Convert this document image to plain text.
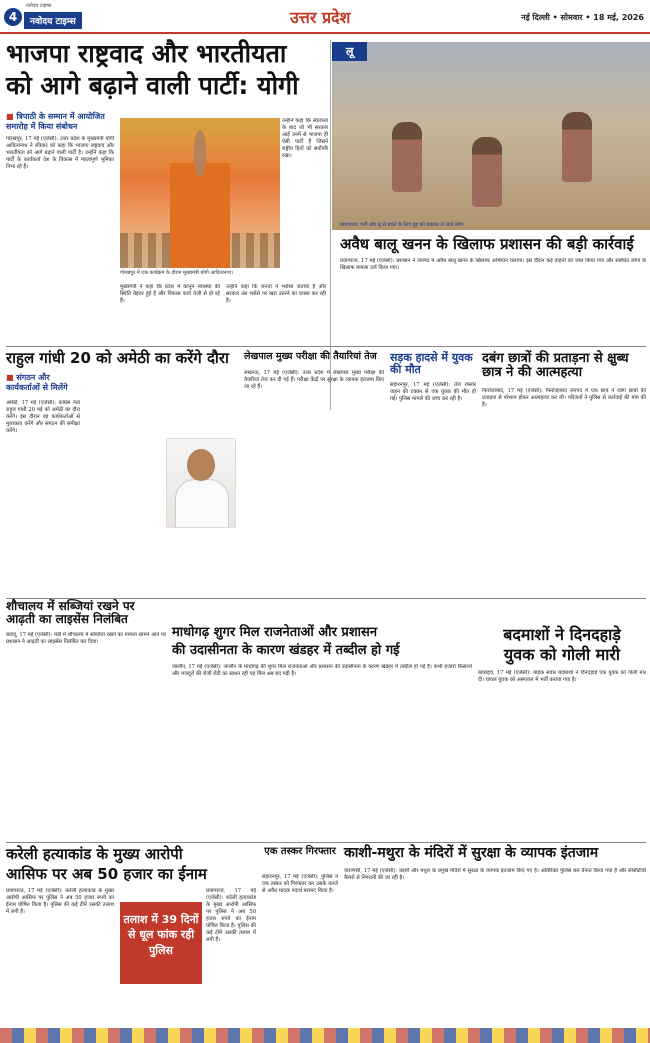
4
नवोदय टाइम्स
नवोदय टाइम्स	उत्तर प्रदेश	नई दिल्ली • सोमवार • 18 मई, 2026
भाजपा राष्ट्रवाद और भारतीयता
को आगे बढ़ाने वाली पार्टी: योगी
■ त्रिपाठी के सम्मान में आयोजित समारोह में किया संबोधन
गोरखपुर, 17 मई (एजेंसी): उत्तर प्रदेश के मुख्यमंत्री योगी आदित्यनाथ ने रविवार को कहा कि भाजपा राष्ट्रवाद और भारतीयता को आगे बढ़ाने वाली पार्टी है। उन्होंने कहा कि पार्टी के कार्यकर्ता देश के विकास में महत्वपूर्ण भूमिका निभा रहे हैं।
गोरखपुर में एक कार्यक्रम के दौरान मुख्यमंत्री योगी आदित्यनाथ।
उन्होंने कहा कि स्वतंत्रता के बाद जो भी सरकार आई उनमें से भाजपा ही ऐसी पार्टी है जिसने राष्ट्रीय हितों को सर्वोपरि रखा।
मुख्यमंत्री ने कहा कि प्रदेश में कानून व्यवस्था की स्थिति बेहतर हुई है और विकास कार्य तेजी से हो रहे हैं।
उन्होंने कहा कि जनता ने भरोसा जताया है और सरकार उस भरोसे पर खरा उतरने का प्रयास कर रही है।
लू
प्रयागराज: गर्मी और लू से बचने के लिए मुंह को ढककर ले जाते लोग।
अवैध बालू खनन के खिलाफ प्रशासन की बड़ी कार्रवाई
प्रयागराज, 17 मई (एजेंसी): प्रशासन ने जनपद में अवैध बालू खनन के खिलाफ अभियान चलाया। इस दौरान कई वाहनों को जब्त किया गया और संबंधित लोगों के खिलाफ मामला दर्ज किया गया।
राहुल गांधी 20 को अमेठी का करेंगे दौरा
■ संगठन और कार्यकर्ताओं से मिलेंगे
अमेठी, 17 मई (एजेंसी): कांग्रेस नेता राहुल गांधी 20 मई को अमेठी का दौरा करेंगे। इस दौरान वह कार्यकर्ताओं से मुलाकात करेंगे और संगठन की समीक्षा करेंगे।
लेखपाल मुख्य परीक्षा की तैयारियां तेज
लखनऊ, 17 मई (एजेंसी): उत्तर प्रदेश में लेखपाल मुख्य परीक्षा की तैयारियां तेज कर दी गई हैं। परीक्षा केंद्रों पर सुरक्षा के व्यापक इंतजाम किए जा रहे हैं।
सड़क हादसे में युवक की मौत
सहारनपुर, 17 मई (एजेंसी): तेज रफ्तार वाहन की टक्कर से एक युवक की मौत हो गई। पुलिस मामले की जांच कर रही है।
दबंग छात्रों की प्रताड़ना से क्षुब्ध छात्र ने की आत्महत्या
फिरोजाबाद, 17 मई (एजेंसी): फिरोजाबाद जनपद में एक छात्र ने दबंग छात्रों की प्रताड़ना से परेशान होकर आत्महत्या कर ली। परिजनों ने पुलिस से कार्रवाई की मांग की है।
शौचालय में सब्जियां रखने पर आढ़ती का लाइसेंस निलंबित
बदायूं, 17 मई (एजेंसी): मंडी में शौचालय में सब्जियां रखने का मामला सामने आने पर प्रशासन ने आढ़ती का लाइसेंस निलंबित कर दिया।
माधोगढ़ शुगर मिल राजनेताओं और प्रशासन
की उदासीनता के कारण खंडहर में तब्दील हो गई
जालौन, 17 मई (एजेंसी): जालौन के माधोगढ़ की शुगर मिल राजनेताओं और प्रशासन की उदासीनता के कारण खंडहर में तब्दील हो गई है। कभी हजारों किसानों और मजदूरों की रोजी रोटी का साधन रही यह मिल अब बंद पड़ी है।
बदमाशों ने दिनदहाड़े
युवक को गोली मारी
बहराइच, 17 मई (एजेंसी): बाइक सवार बदमाशों ने दिनदहाड़े एक युवक को गोली मार दी। घायल युवक को अस्पताल में भर्ती कराया गया है।
करेली हत्याकांड के मुख्य आरोपी
आसिफ पर अब 50 हजार का ईनाम
प्रयागराज, 17 मई (एजेंसी): करेली हत्याकांड के मुख्य आरोपी आसिफ पर पुलिस ने अब 50 हजार रुपये का ईनाम घोषित किया है। पुलिस की कई टीमें उसकी तलाश में लगी हैं।
तलाश में 39 दिनों से धूल फांक रही पुलिस
प्रयागराज, 17 मई (एजेंसी): करेली हत्याकांड के मुख्य आरोपी आसिफ पर पुलिस ने अब 50 हजार रुपये का ईनाम घोषित किया है। पुलिस की कई टीमें उसकी तलाश में लगी हैं।
एक तस्कर गिरफ्तार
सहारनपुर, 17 मई (एजेंसी): पुलिस ने एक तस्कर को गिरफ्तार कर उसके कब्जे से अवैध मादक पदार्थ बरामद किया है।
काशी-मथुरा के मंदिरों में सुरक्षा के व्यापक इंतजाम
वाराणसी, 17 मई (एजेंसी): काशी और मथुरा के प्रमुख मंदिरों में सुरक्षा के व्यापक इंतजाम किए गए हैं। अतिरिक्त पुलिस बल तैनात किया गया है और सीसीटीवी कैमरों से निगरानी की जा रही है।
